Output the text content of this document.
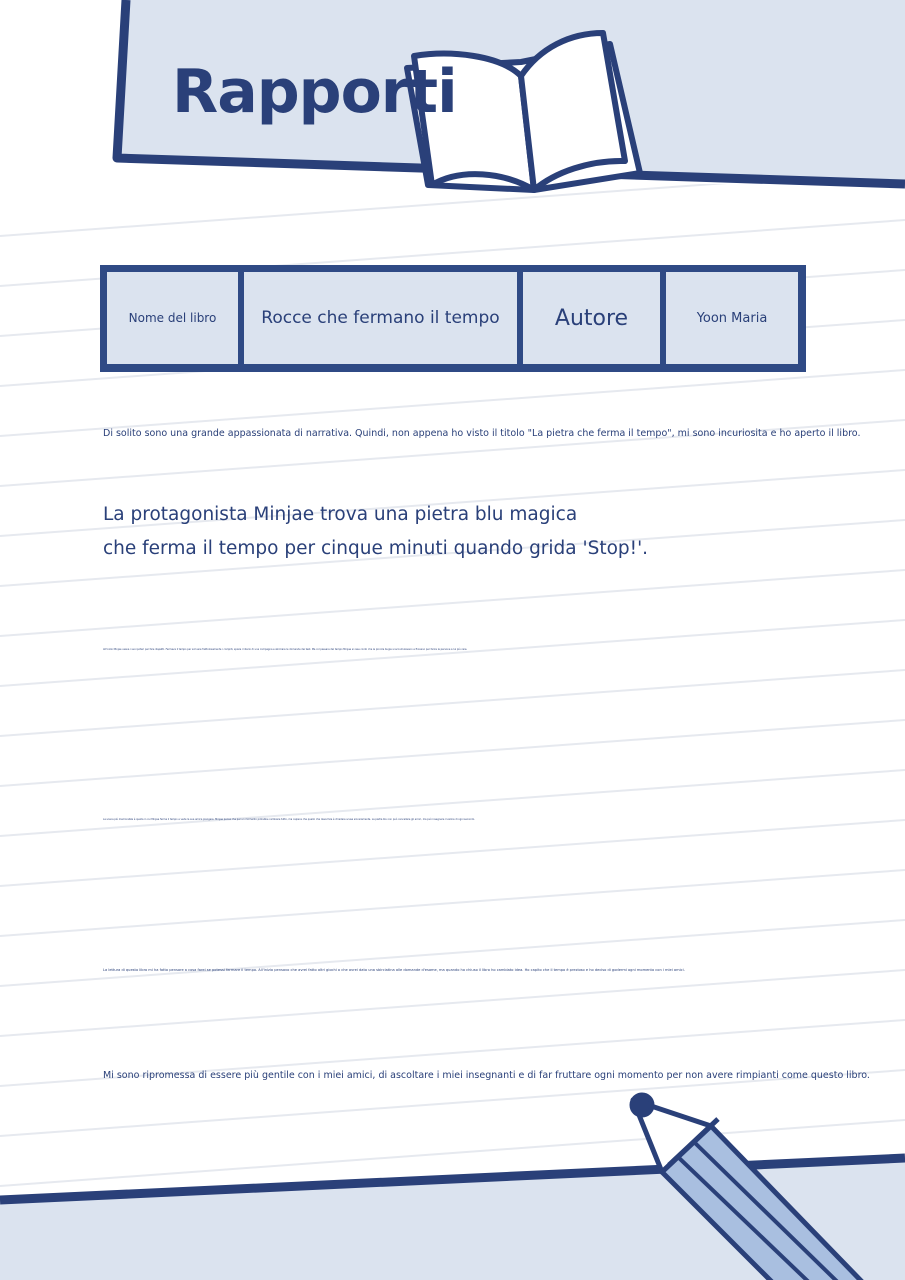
Rapporti
Nome del libro	Rocce che fermano il tempo	Autore	Yoon Maria

Di solito sono una grande appassionata di narrativa. Quindi, non appena ho visto il titolo "La pietra che ferma il tempo", mi sono incuriosita e ho aperto il libro.

La protagonista Minjae trova una pietra blu magica
che ferma il tempo per cinque minuti quando grida 'Stop!'.

All'inizio Minjae usava i suoi poteri per fare dispetti. Fermava il tempo per scrivere frettolosamente i compiti, spiare il diario di una compagna e sbirciare le domande dei test. Ma col passare del tempo Minjae si rese conto che le piccole bugie si accumulavano e finivano per ferire le persone a lui più care.

La scena più memorabile è quella in cui Minjae ferma il tempo e vede la sua amica piangere. Minjae pensa che per un momento potrebbe cambiare tutto, ma capisce che quello che deve fare è chiedere scusa sinceramente. La pietra blu non può cancellare gli errori, ma può insegnare il valore di ogni secondo.

La lettura di questo libro mi ha fatto pensare a cosa farei se potessi fermare il tempo. All'inizio pensavo che avrei fatto altri giochi o che avrei dato una sbirciatina alle domande d'esame, ma quando ho chiuso il libro ho cambiato idea. Ho capito che il tempo è prezioso e ho deciso di godermi ogni momento con i miei amici.

Mi sono ripromessa di essere più gentile con i miei amici, di ascoltare i miei insegnanti e di far fruttare ogni momento per non avere rimpianti come questo libro.
